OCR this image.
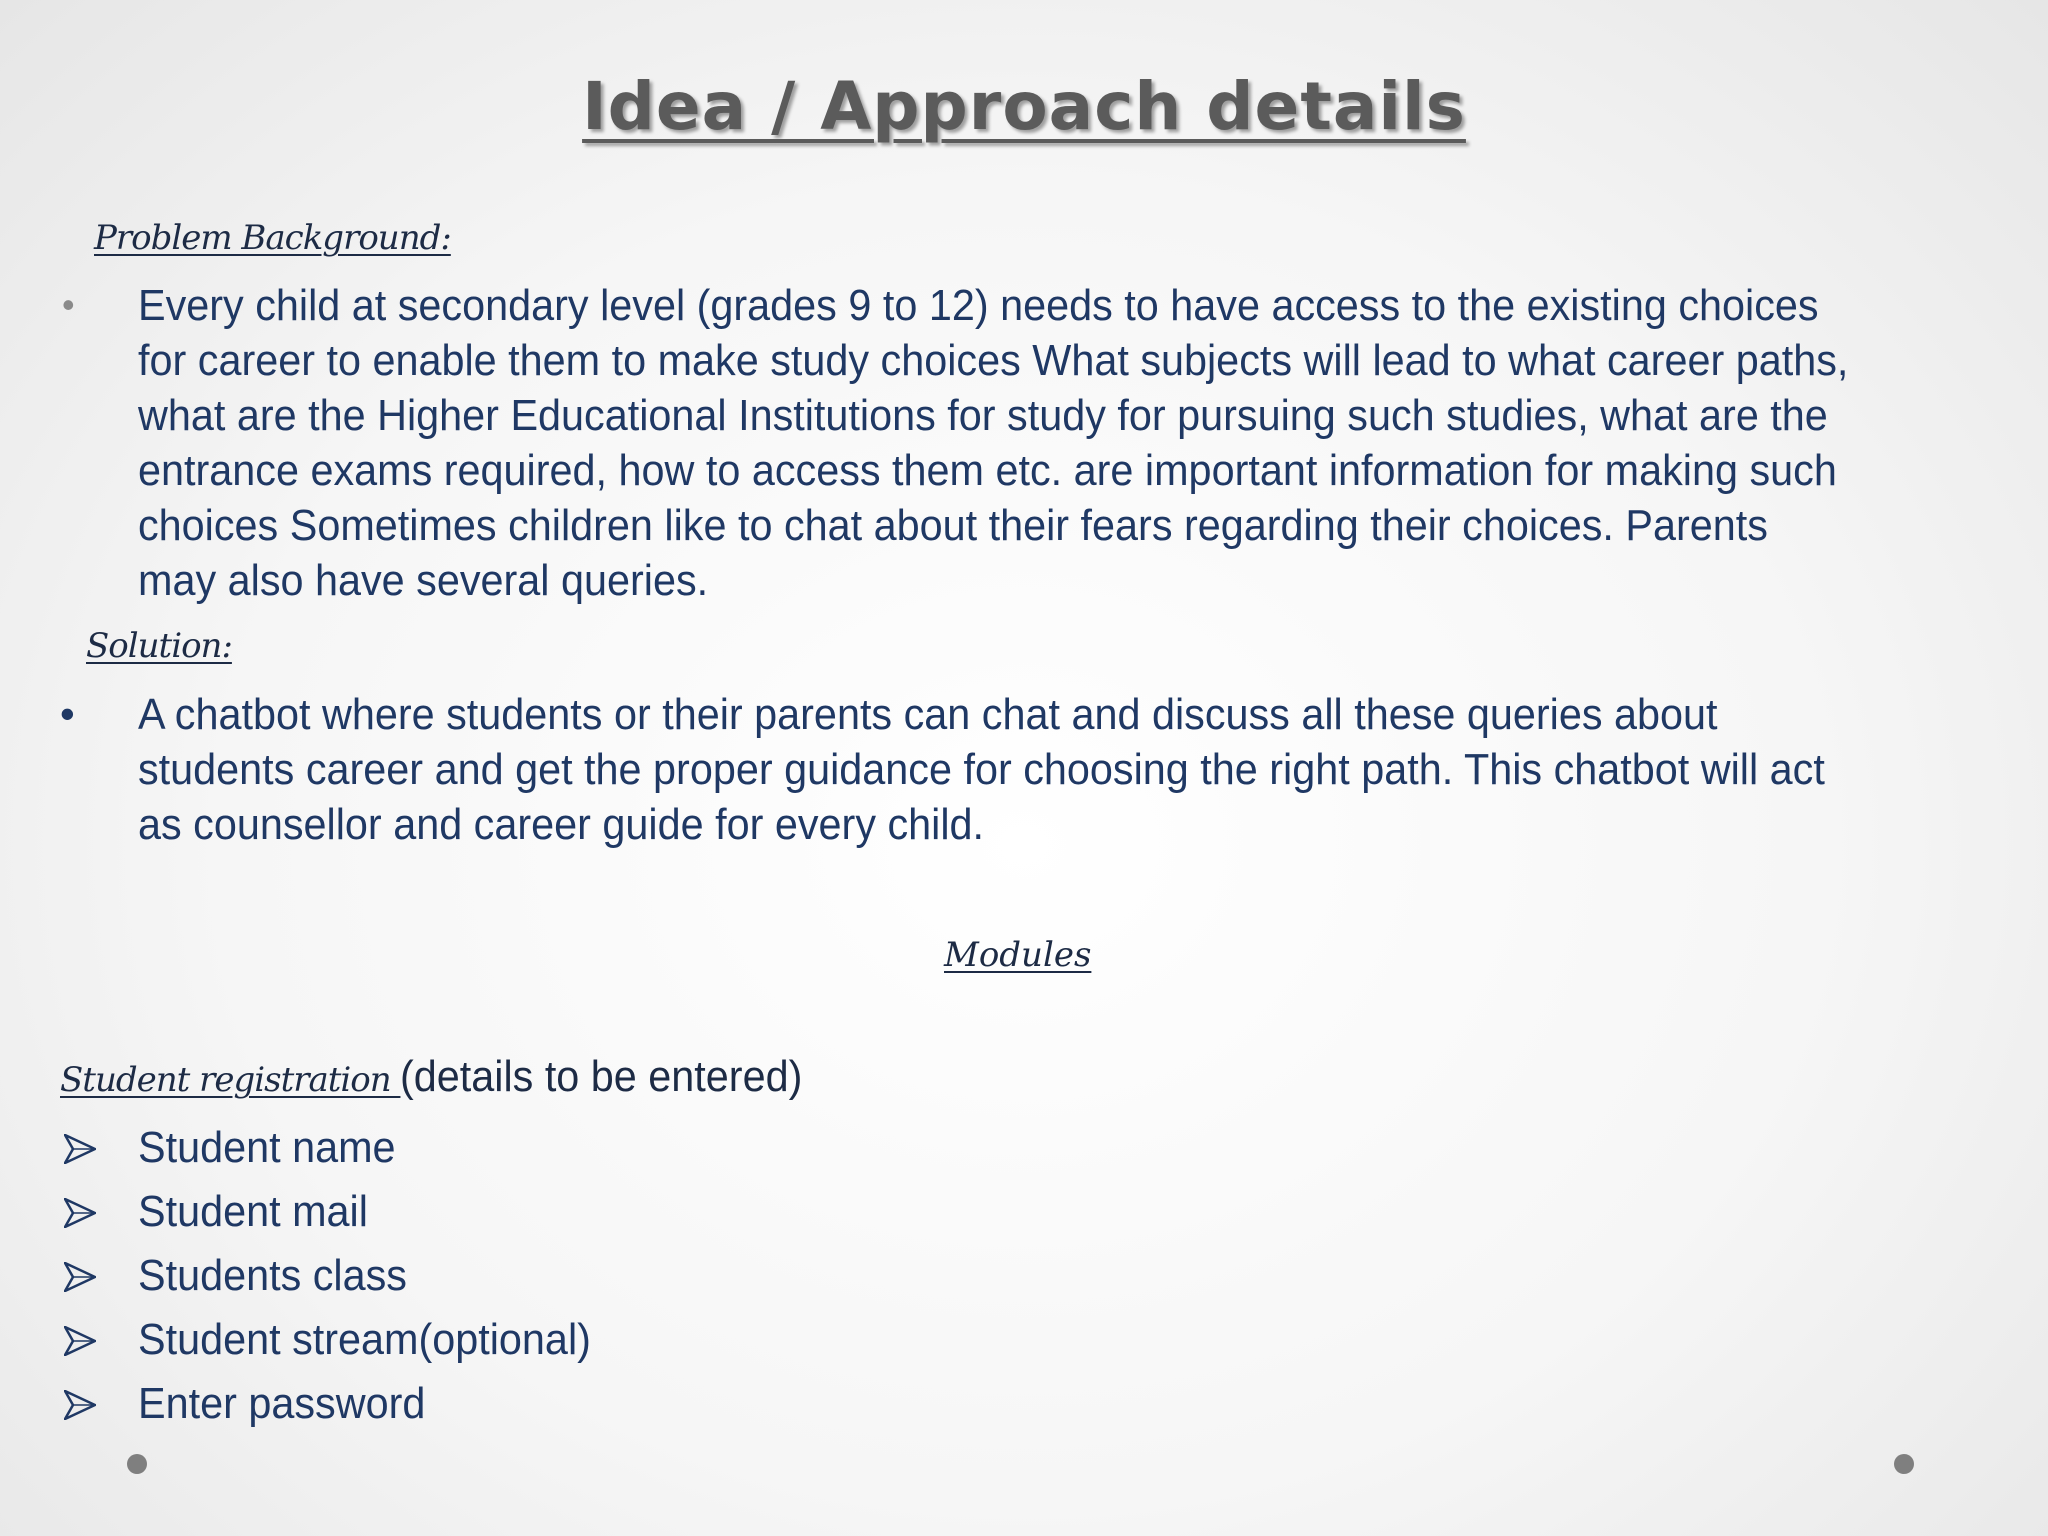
Idea / Approach details
Problem Background:
• Every child at secondary level (grades 9 to 12) needs to have access to the existing choices for career to enable them to make study choices What subjects will lead to what career paths, what are the Higher Educational Institutions for study for pursuing such studies, what are the entrance exams required, how to access them etc. are important information for making such choices Sometimes children like to chat about their fears regarding their choices. Parents may also have several queries.

Solution:
• A chatbot where students or their parents can chat and discuss all these queries about students career and get the proper guidance for choosing the right path. This chatbot will act as counsellor and career guide for every child.

Modules
Student registration (details to be entered)
Student name
Student mail
Students class
Student stream(optional)
Enter password
